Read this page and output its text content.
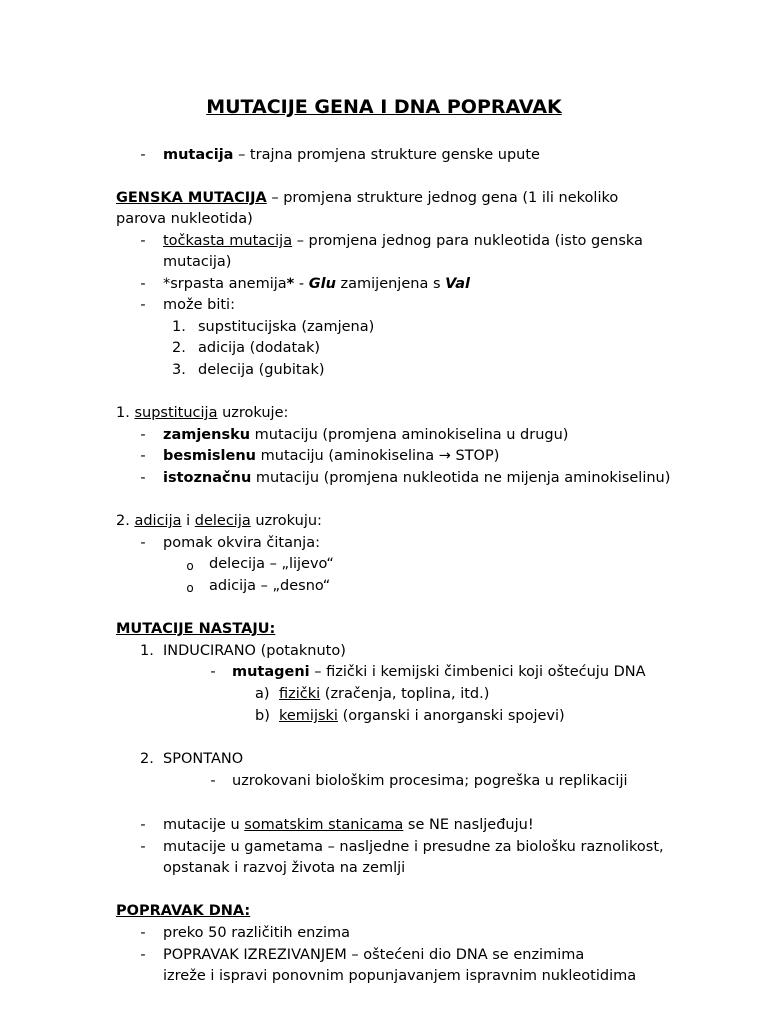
MUTACIJE GENA I DNA POPRAVAK
-	mutacija – trajna promjena strukture genske upute
GENSKA MUTACIJA – promjena strukture jednog gena (1 ili nekoliko
parova nukleotida)
-	točkasta mutacija – promjena jednog para nukleotida (isto genska
mutacija)
-	*srpasta anemija* - Glu zamijenjena s Val
-	može biti:
1. supstitucijska (zamjena)
2. adicija (dodatak)
3. delecija (gubitak)
1. supstitucija uzrokuje:
-	zamjensku mutaciju (promjena aminokiselina u drugu)
-	besmislenu mutaciju (aminokiselina → STOP)
-	istoznačnu mutaciju (promjena nukleotida ne mijenja aminokiselinu)
2. adicija i delecija uzrokuju:
-	pomak okvira čitanja:
o delecija – „lijevo“
o adicija – „desno“
MUTACIJE NASTAJU:
1. INDUCIRANO (potaknuto)
-	mutageni – fizički i kemijski čimbenici koji oštećuju DNA
a) fizički (zračenja, toplina, itd.)
b) kemijski (organski i anorganski spojevi)
2. SPONTANO
-	uzrokovani biološkim procesima; pogreška u replikaciji
-	mutacije u somatskim stanicama se NE nasljeđuju!
-	mutacije u gametama – nasljedne i presudne za biološku raznolikost,
opstanak i razvoj života na zemlji
POPRAVAK DNA:
-	preko 50 različitih enzima
-	POPRAVAK IZREZIVANJEM – oštećeni dio DNA se enzimima
izreže i ispravi ponovnim popunjavanjem ispravnim nukleotidima
